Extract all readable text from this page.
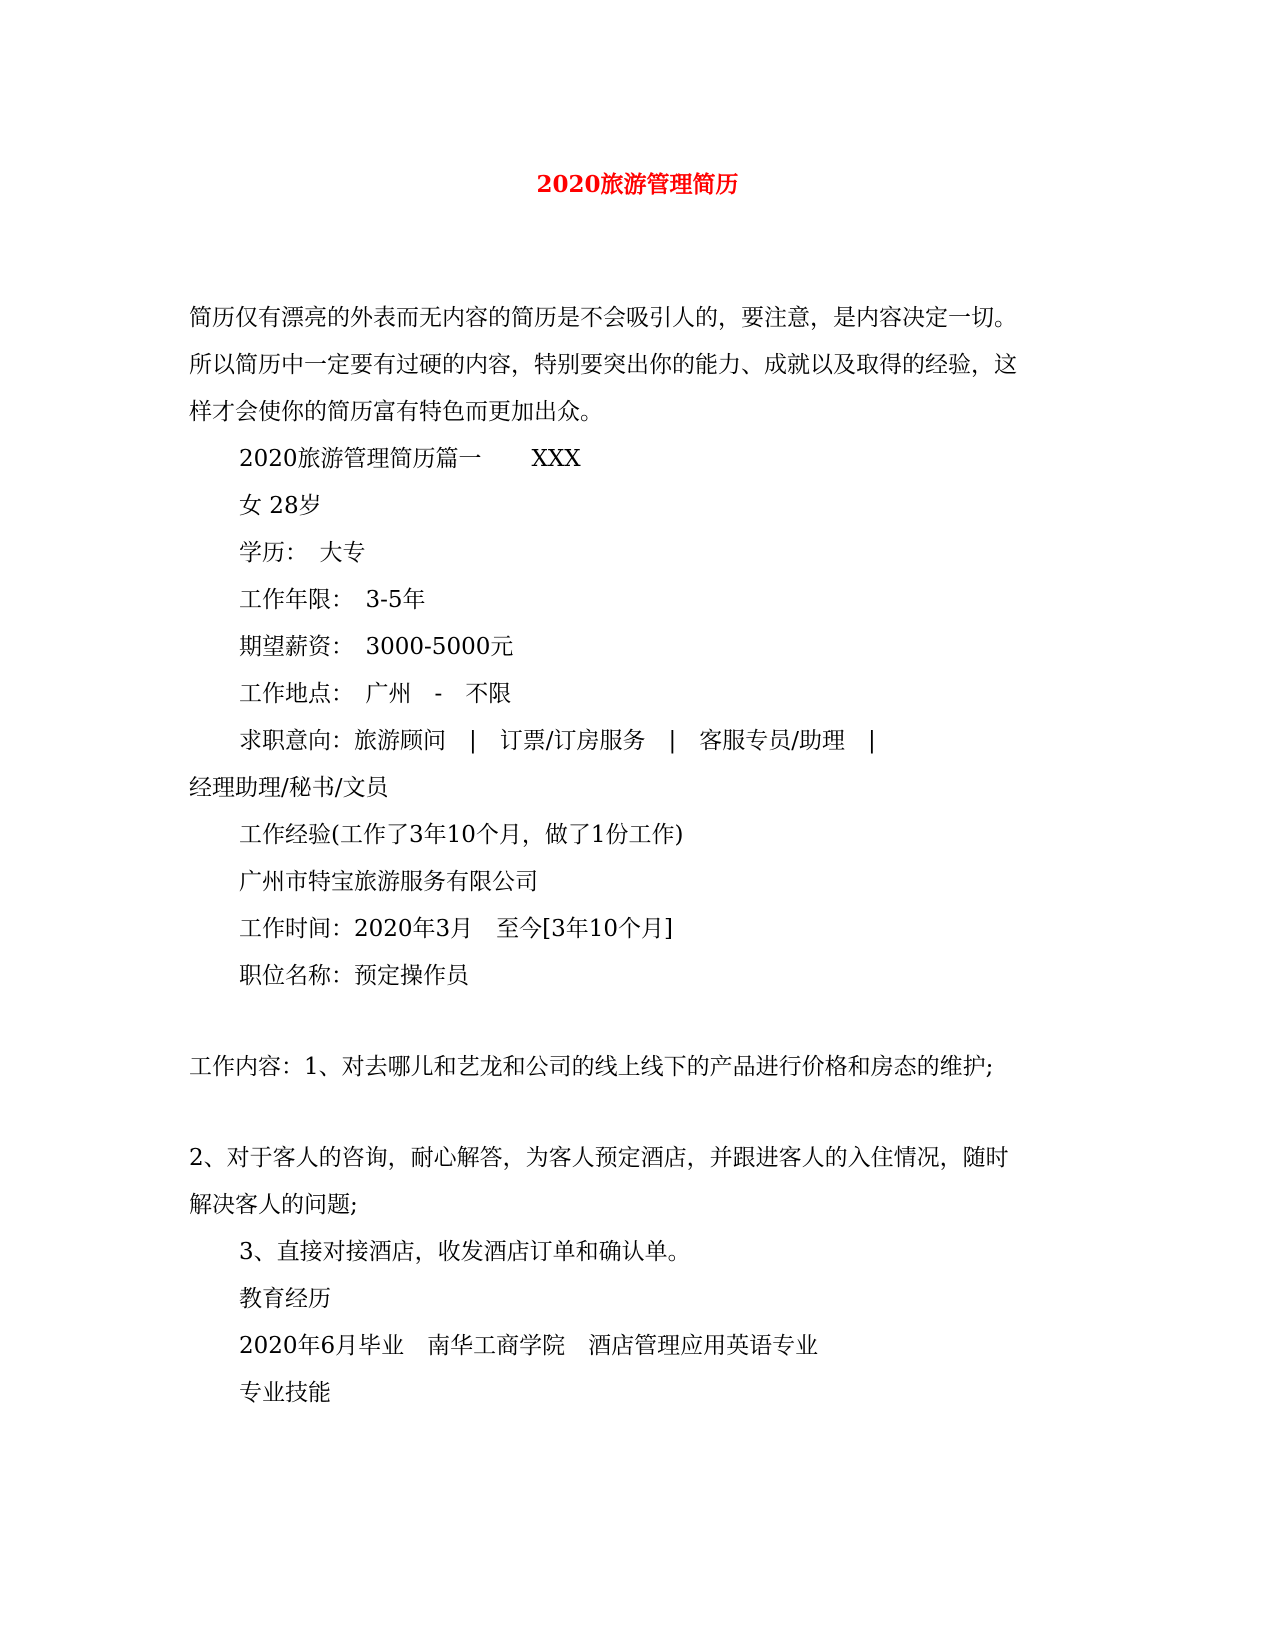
2020旅游管理简历

简历仅有漂亮的外表而无内容的简历是不会吸引人的，要注意，是内容决定一切。

所以简历中一定要有过硬的内容，特别要突出你的能力、成就以及取得的经验，这

样才会使你的简历富有特色而更加出众。

2020旅游管理简历篇一 XXX

女 28岁

学历：　大专

工作年限：　3-5年

期望薪资：　3000-5000元

工作地点：　广州　-　不限

求职意向：旅游顾问　|　订票/订房服务　|　客服专员/助理　|

经理助理/秘书/文员

工作经验(工作了3年10个月，做了1份工作)

广州市特宝旅游服务有限公司

工作时间：2020年3月　至今[3年10个月]

职位名称：预定操作员

工作内容：1、对去哪儿和艺龙和公司的线上线下的产品进行价格和房态的维护;

2、对于客人的咨询，耐心解答，为客人预定酒店，并跟进客人的入住情况，随时

解决客人的问题;

3、直接对接酒店，收发酒店订单和确认单。

教育经历

2020年6月毕业　南华工商学院　酒店管理应用英语专业

专业技能
